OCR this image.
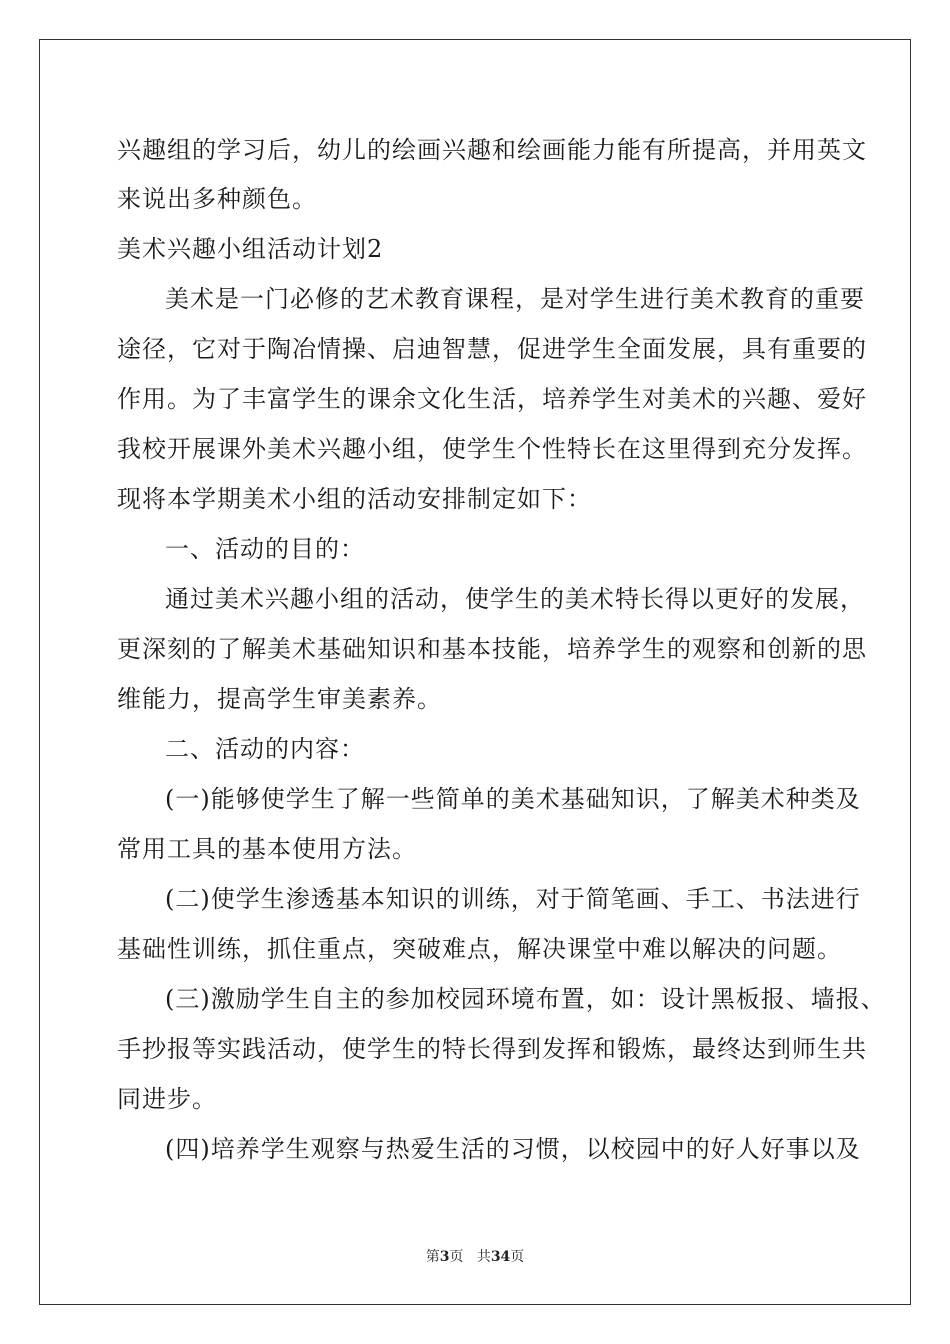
兴趣组的学习后，幼儿的绘画兴趣和绘画能力能有所提高，并用英文
来说出多种颜色。
美术兴趣小组活动计划2
美术是一门必修的艺术教育课程，是对学生进行美术教育的重要
途径，它对于陶冶情操、启迪智慧，促进学生全面发展，具有重要的
作用。为了丰富学生的课余文化生活，培养学生对美术的兴趣、爱好
我校开展课外美术兴趣小组，使学生个性特长在这里得到充分发挥。
现将本学期美术小组的活动安排制定如下：
一、活动的目的：
通过美术兴趣小组的活动，使学生的美术特长得以更好的发展，
更深刻的了解美术基础知识和基本技能，培养学生的观察和创新的思
维能力，提高学生审美素养。
二、活动的内容：
(一)能够使学生了解一些简单的美术基础知识，了解美术种类及
常用工具的基本使用方法。
(二)使学生渗透基本知识的训练，对于简笔画、手工、书法进行
基础性训练，抓住重点，突破难点，解决课堂中难以解决的问题。
(三)激励学生自主的参加校园环境布置，如：设计黑板报、墙报、
手抄报等实践活动，使学生的特长得到发挥和锻炼，最终达到师生共
同进步。
(四)培养学生观察与热爱生活的习惯，以校园中的好人好事以及
第3页 共34页
